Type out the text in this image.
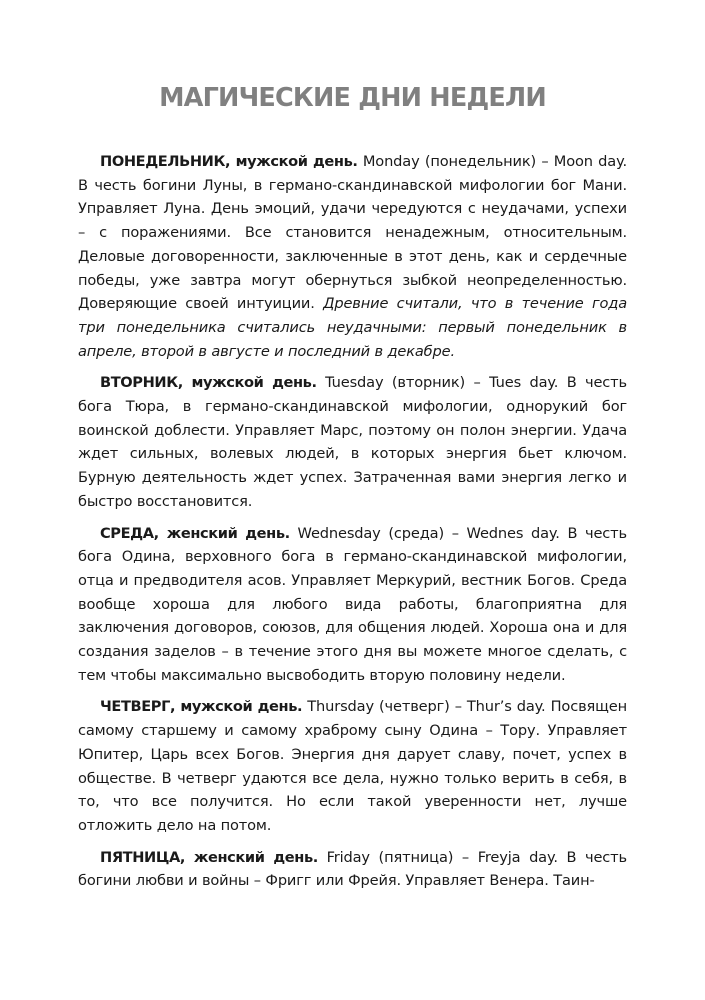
МАГИЧЕСКИЕ ДНИ НЕДЕЛИ

ПОНЕДЕЛЬНИК, мужской день. Monday (понедельник) – Moon day. В честь богини Луны, в германо-скандинавской мифологии бог Мани. Управляет Луна. День эмоций, удачи чередуются с неудачами, успехи – с поражениями. Все становится ненадежным, относительным. Деловые договоренности, заключенные в этот день, как и сердечные победы, уже завтра могут обернуться зыбкой неопределенностью. Доверяющие своей интуиции. Древние считали, что в течение года три понедельника считались неудачными: первый понедельник в апреле, второй в августе и последний в декабре.

ВТОРНИК, мужской день. Tuesday (вторник) – Tues day. В честь бога Тюра, в германо-скандинавской мифологии, однорукий бог воинской доблести. Управляет Марс, поэтому он полон энергии. Удача ждет сильных, волевых людей, в которых энергия бьет ключом. Бурную деятельность ждет успех. Затраченная вами энергия легко и быстро восстановится.

СРЕДА, женский день. Wednesday (среда) – Wednes day. В честь бога Одина, верховного бога в германо-скандинавской мифологии, отца и предводителя асов. Управляет Меркурий, вестник Богов. Среда вообще хороша для любого вида работы, благоприятна для заключения договоров, союзов, для общения людей. Хороша она и для создания заделов – в течение этого дня вы можете многое сделать, с тем чтобы максимально высвободить вторую половину недели.

ЧЕТВЕРГ, мужской день. Thursday (четверг) – Thur’s day. Посвящен самому старшему и самому храброму сыну Одина – Тору. Управляет Юпитер, Царь всех Богов. Энергия дня дарует славу, почет, успех в обществе. В четверг удаются все дела, нужно только верить в себя, в то, что все получится. Но если такой уверенности нет, лучше отложить дело на потом.

ПЯТНИЦА, женский день. Friday (пятница) – Freyja day. В честь богини любви и войны – Фригг или Фрейя. Управляет Венера. Таин-
